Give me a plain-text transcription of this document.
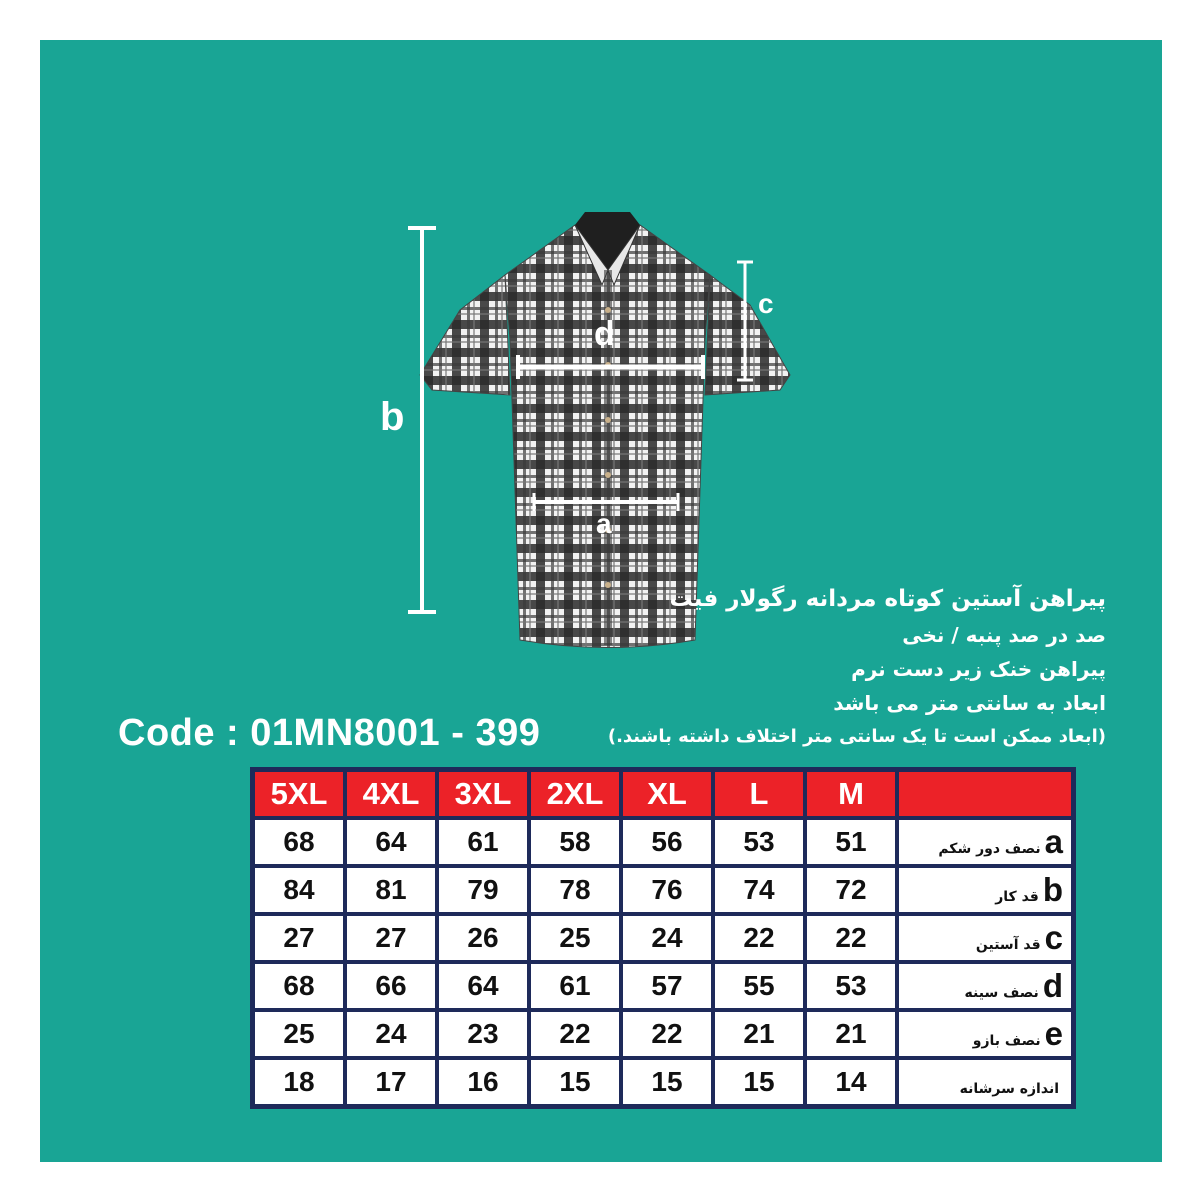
b
c
d
a
پیراهن آستین کوتاه مردانه رگولار فیت
صد در صد پنبه / نخی
پیراهن خنک زیر دست نرم
ابعاد به سانتی متر می باشد
(ابعاد ممکن است تا یک سانتی متر اختلاف داشته باشند.)
Code : 01MN8001 - 399
5XL	4XL	3XL	2XL	XL	L	M	
68	64	61	58	56	53	51	aنصف دور شکم
84	81	79	78	76	74	72	bقد کار
27	27	26	25	24	22	22	cقد آستین
68	66	64	61	57	55	53	dنصف سینه
25	24	23	22	22	21	21	eنصف بازو
18	17	16	15	15	15	14	اندازه سرشانه
